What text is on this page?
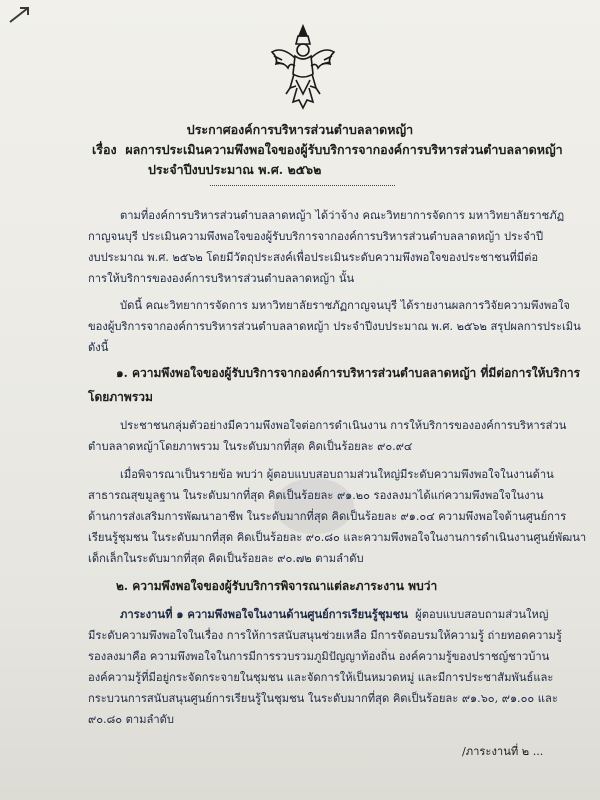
ประกาศองค์การบริหารส่วนตำบลลาดหญ้า
เรื่อง ผลการประเมินความพึงพอใจของผู้รับบริการจากองค์การบริหารส่วนตำบลลาดหญ้า
ประจำปีงบประมาณ พ.ศ. ๒๕๖๒
ตามที่องค์การบริหารส่วนตำบลลาดหญ้า ได้ว่าจ้าง คณะวิทยาการจัดการ มหาวิทยาลัยราชภัฏ
กาญจนบุรี ประเมินความพึงพอใจของผู้รับบริการจากองค์การบริหารส่วนตำบลลาดหญ้า ประจำปี
งบประมาณ พ.ศ. ๒๕๖๒ โดยมีวัตถุประสงค์เพื่อประเมินระดับความพึงพอใจของประชาชนที่มีต่อ
การให้บริการขององค์การบริหารส่วนตำบลลาดหญ้า นั้น
บัดนี้ คณะวิทยาการจัดการ มหาวิทยาลัยราชภัฏกาญจนบุรี ได้รายงานผลการวิจัยความพึงพอใจ
ของผู้บริการจากองค์การบริหารส่วนตำบลลาดหญ้า ประจำปีงบประมาณ พ.ศ. ๒๕๖๒ สรุปผลการประเมิน
ดังนี้
๑. ความพึงพอใจของผู้รับบริการจากองค์การบริหารส่วนตำบลลาดหญ้า ที่มีต่อการให้บริการ
โดยภาพรวม
ประชาชนกลุ่มตัวอย่างมีความพึงพอใจต่อการดำเนินงาน การให้บริการขององค์การบริหารส่วน
ตำบลลาดหญ้าโดยภาพรวม ในระดับมากที่สุด คิดเป็นร้อยละ ๙๐.๙๔
เมื่อพิจารณาเป็นรายข้อ พบว่า ผู้ตอบแบบสอบถามส่วนใหญ่มีระดับความพึงพอใจในงานด้าน
สาธารณสุขมูลฐาน ในระดับมากที่สุด คิดเป็นร้อยละ ๙๑.๒๐ รองลงมาได้แก่ความพึงพอใจในงาน
ด้านการส่งเสริมการพัฒนาอาชีพ ในระดับมากที่สุด คิดเป็นร้อยละ ๙๑.๐๔ ความพึงพอใจด้านศูนย์การ
เรียนรู้ชุมชน ในระดับมากที่สุด คิดเป็นร้อยละ ๙๐.๘๐ และความพึงพอใจในงานการดำเนินงานศูนย์พัฒนา
เด็กเล็กในระดับมากที่สุด คิดเป็นร้อยละ ๙๐.๗๒ ตามลำดับ
๒. ความพึงพอใจของผู้รับบริการพิจารณาแต่ละภาระงาน พบว่า
ภาระงานที่ ๑ ความพึงพอใจในงานด้านศูนย์การเรียนรู้ชุมชน ผู้ตอบแบบสอบถามส่วนใหญ่
มีระดับความพึงพอใจในเรื่อง การให้การสนับสนุนช่วยเหลือ มีการจัดอบรมให้ความรู้ ถ่ายทอดความรู้
รองลงมาคือ ความพึงพอใจในการมีการรวบรวมภูมิปัญญาท้องถิ่น องค์ความรู้ของปราชญ์ชาวบ้าน
องค์ความรู้ที่มีอยู่กระจัดกระจายในชุมชน และจัดการให้เป็นหมวดหมู่ และมีการประชาสัมพันธ์และ
กระบวนการสนับสนุนศูนย์การเรียนรู้ในชุมชน ในระดับมากที่สุด คิดเป็นร้อยละ ๙๑.๖๐, ๙๑.๐๐ และ
๙๐.๘๐ ตามลำดับ
/ภาระงานที่ ๒ ...
